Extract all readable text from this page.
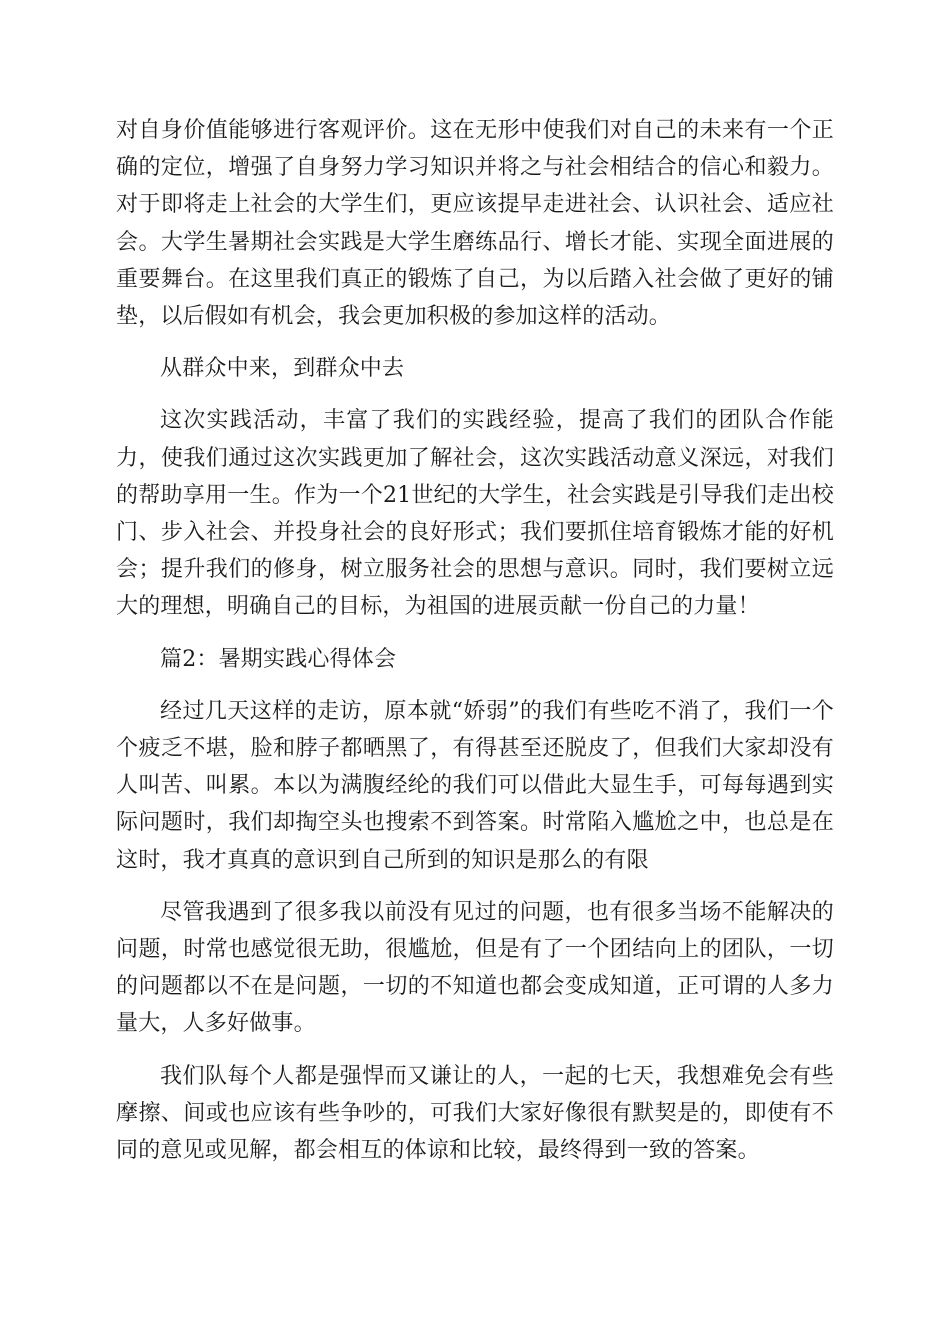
对自身价值能够进行客观评价。这在无形中使我们对自己的未来有一个正确的定位，增强了自身努力学习知识并将之与社会相结合的信心和毅力。对于即将走上社会的大学生们，更应该提早走进社会、认识社会、适应社会。大学生暑期社会实践是大学生磨练品行、增长才能、实现全面进展的重要舞台。在这里我们真正的锻炼了自己，为以后踏入社会做了更好的铺垫，以后假如有机会，我会更加积极的参加这样的活动。

从群众中来，到群众中去

这次实践活动，丰富了我们的实践经验，提高了我们的团队合作能力，使我们通过这次实践更加了解社会，这次实践活动意义深远，对我们的帮助享用一生。作为一个21世纪的大学生，社会实践是引导我们走出校门、步入社会、并投身社会的良好形式；我们要抓住培育锻炼才能的好机会；提升我们的修身，树立服务社会的思想与意识。同时，我们要树立远大的理想，明确自己的目标，为祖国的进展贡献一份自己的力量！

篇2：暑期实践心得体会

经过几天这样的走访，原本就“娇弱”的我们有些吃不消了，我们一个个疲乏不堪，脸和脖子都晒黑了，有得甚至还脱皮了，但我们大家却没有人叫苦、叫累。本以为满腹经纶的我们可以借此大显生手，可每每遇到实际问题时，我们却掏空头也搜索不到答案。时常陷入尴尬之中，也总是在这时，我才真真的意识到自己所到的知识是那么的有限

尽管我遇到了很多我以前没有见过的问题，也有很多当场不能解决的问题，时常也感觉很无助，很尴尬，但是有了一个团结向上的团队，一切的问题都以不在是问题，一切的不知道也都会变成知道，正可谓的人多力量大，人多好做事。

我们队每个人都是强悍而又谦让的人，一起的七天，我想难免会有些摩擦、间或也应该有些争吵的，可我们大家好像很有默契是的，即使有不同的意见或见解，都会相互的体谅和比较，最终得到一致的答案。
